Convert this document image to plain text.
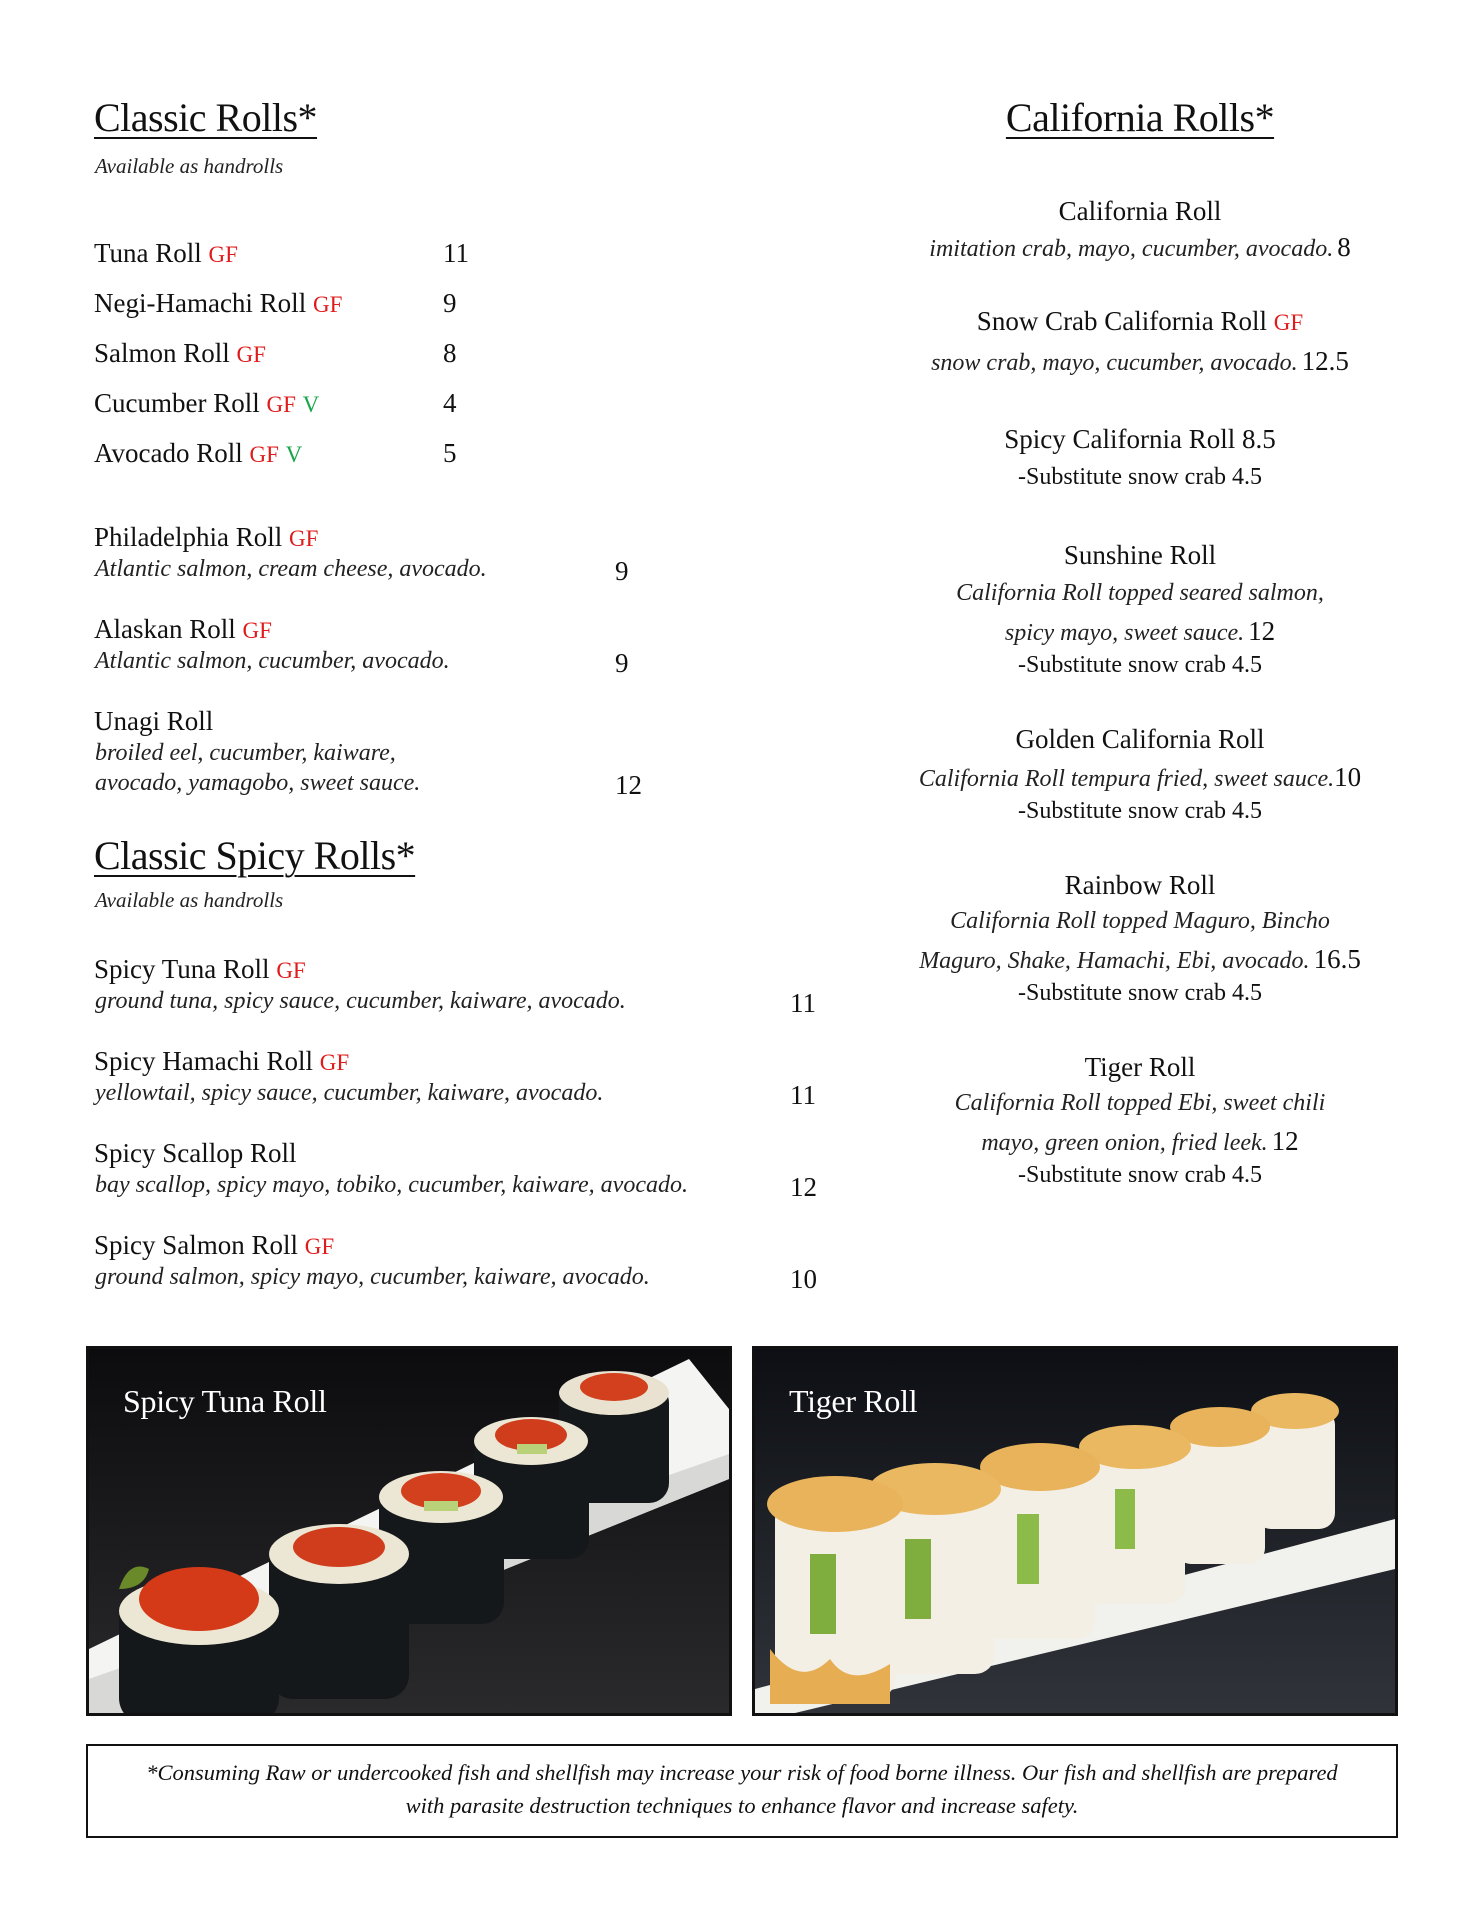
Classic Rolls*
Available as handrolls
Tuna Roll GF	11
Negi-Hamachi Roll GF	9
Salmon Roll GF	8
Cucumber Roll GF V	4
Avocado Roll GF V	5
Philadelphia Roll GF
Atlantic salmon, cream cheese, avocado.	9
Alaskan Roll GF
Atlantic salmon, cucumber, avocado.	9
Unagi Roll
broiled eel, cucumber, kaiware,
avocado, yamagobo, sweet sauce.	12
Classic Spicy Rolls*
Available as handrolls
Spicy Tuna Roll GF
ground tuna, spicy sauce, cucumber, kaiware, avocado.	11
Spicy Hamachi Roll GF
yellowtail, spicy sauce, cucumber, kaiware, avocado.	11
Spicy Scallop Roll
bay scallop, spicy mayo, tobiko, cucumber, kaiware, avocado.	12
Spicy Salmon Roll GF
ground salmon, spicy mayo, cucumber, kaiware, avocado.	10
California Rolls*
California Roll
imitation crab, mayo, cucumber, avocado. 8
Snow Crab California Roll GF
snow crab, mayo, cucumber, avocado. 12.5
Spicy California Roll 8.5
-Substitute snow crab 4.5
Sunshine Roll
California Roll topped seared salmon,
spicy mayo, sweet sauce. 12
-Substitute snow crab 4.5
Golden California Roll
California Roll tempura fried, sweet sauce.10
-Substitute snow crab 4.5
Rainbow Roll
California Roll topped Maguro, Bincho
Maguro, Shake, Hamachi, Ebi, avocado. 16.5
-Substitute snow crab 4.5
Tiger Roll
California Roll topped Ebi, sweet chili
mayo, green onion, fried leek. 12
-Substitute snow crab 4.5
Spicy Tuna Roll	Tiger Roll
*Consuming Raw or undercooked fish and shellfish may increase your risk of food borne illness. Our fish and shellfish are prepared
with parasite destruction techniques to enhance flavor and increase safety.
